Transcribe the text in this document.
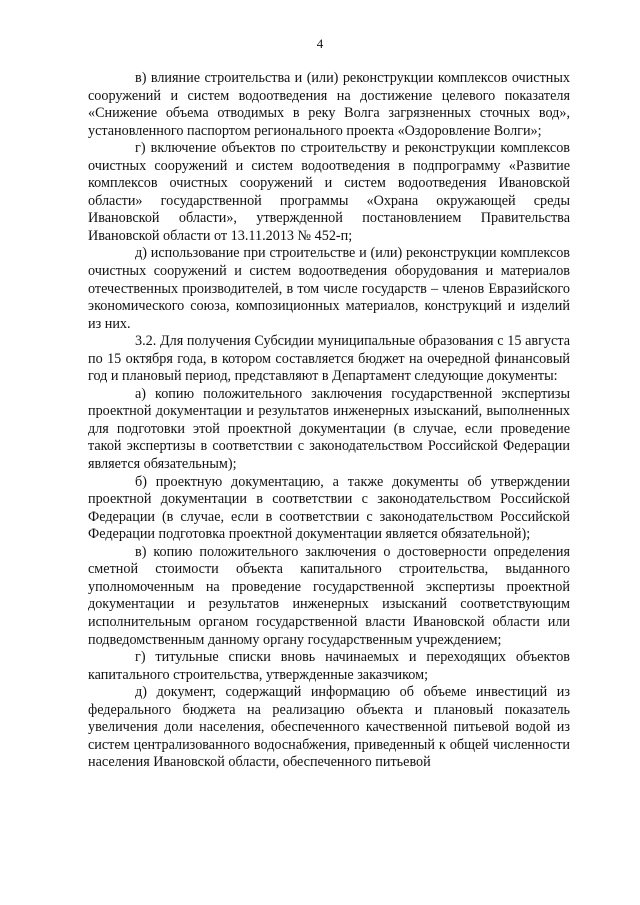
4

в) влияние строительства и (или) реконструкции комплексов очистных сооружений и систем водоотведения на достижение целевого показателя «Снижение объема отводимых в реку Волга загрязненных сточных вод», установленного паспортом регионального проекта «Оздоровление Волги»;

г) включение объектов по строительству и реконструкции комплексов очистных сооружений и систем водоотведения в подпрограмму «Развитие комплексов очистных сооружений и систем водоотведения Ивановской области» государственной программы «Охрана окружающей среды Ивановской области», утвержденной постановлением Правительства Ивановской области от 13.11.2013 № 452-п;

д) использование при строительстве и (или) реконструкции комплексов очистных сооружений и систем водоотведения оборудования и материалов отечественных производителей, в том числе государств – членов Евразийского экономического союза, композиционных материалов, конструкций и изделий из них.

3.2. Для получения Субсидии муниципальные образования с 15 августа по 15 октября года, в котором составляется бюджет на очередной финансовый год и плановый период, представляют в Департамент следующие документы:

а) копию положительного заключения государственной экспертизы проектной документации и результатов инженерных изысканий, выполненных для подготовки этой проектной документации (в случае, если проведение такой экспертизы в соответствии с законодательством Российской Федерации является обязательным);

б) проектную документацию, а также документы об утверждении проектной документации в соответствии с законодательством Российской Федерации (в случае, если в соответствии с законодательством Российской Федерации подготовка проектной документации является обязательной);

в) копию положительного заключения о достоверности определения сметной стоимости объекта капитального строительства, выданного уполномоченным на проведение государственной экспертизы проектной документации и результатов инженерных изысканий соответствующим исполнительным органом государственной власти Ивановской области или подведомственным данному органу государственным учреждением;

г) титульные списки вновь начинаемых и переходящих объектов капитального строительства, утвержденные заказчиком;

д) документ, содержащий информацию об объеме инвестиций из федерального бюджета на реализацию объекта и плановый показатель увеличения доли населения, обеспеченного качественной питьевой водой из систем централизованного водоснабжения, приведенный к общей численности населения Ивановской области, обеспеченного питьевой
